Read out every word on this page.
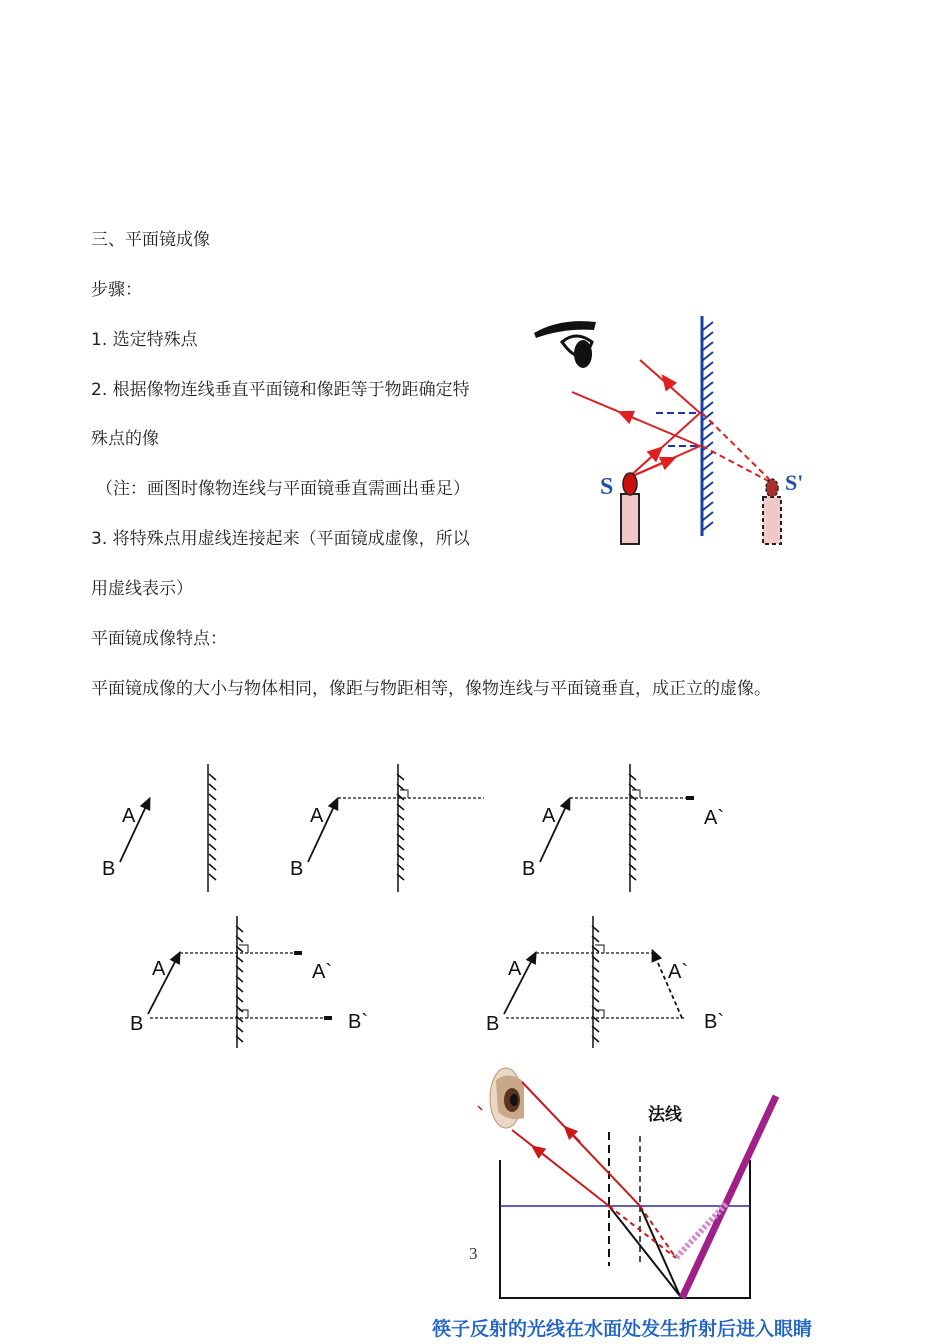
三、平面镜成像
步骤：
1. 选定特殊点
2. 根据像物连线垂直平面镜和像距等于物距确定特
殊点的像
（注：画图时像物连线与平面镜垂直需画出垂足）
3. 将特殊点用虚线连接起来（平面镜成虚像，所以
用虚线表示）
平面镜成像特点：
平面镜成像的大小与物体相同，像距与物距相等，像物连线与平面镜垂直，成正立的虚像。
S	S'
A
B
A
B
A
B
A`
A
B
A`
B`
A
B
A`
B`
法线
3
筷子反射的光线在水面处发生折射后进入眼睛
